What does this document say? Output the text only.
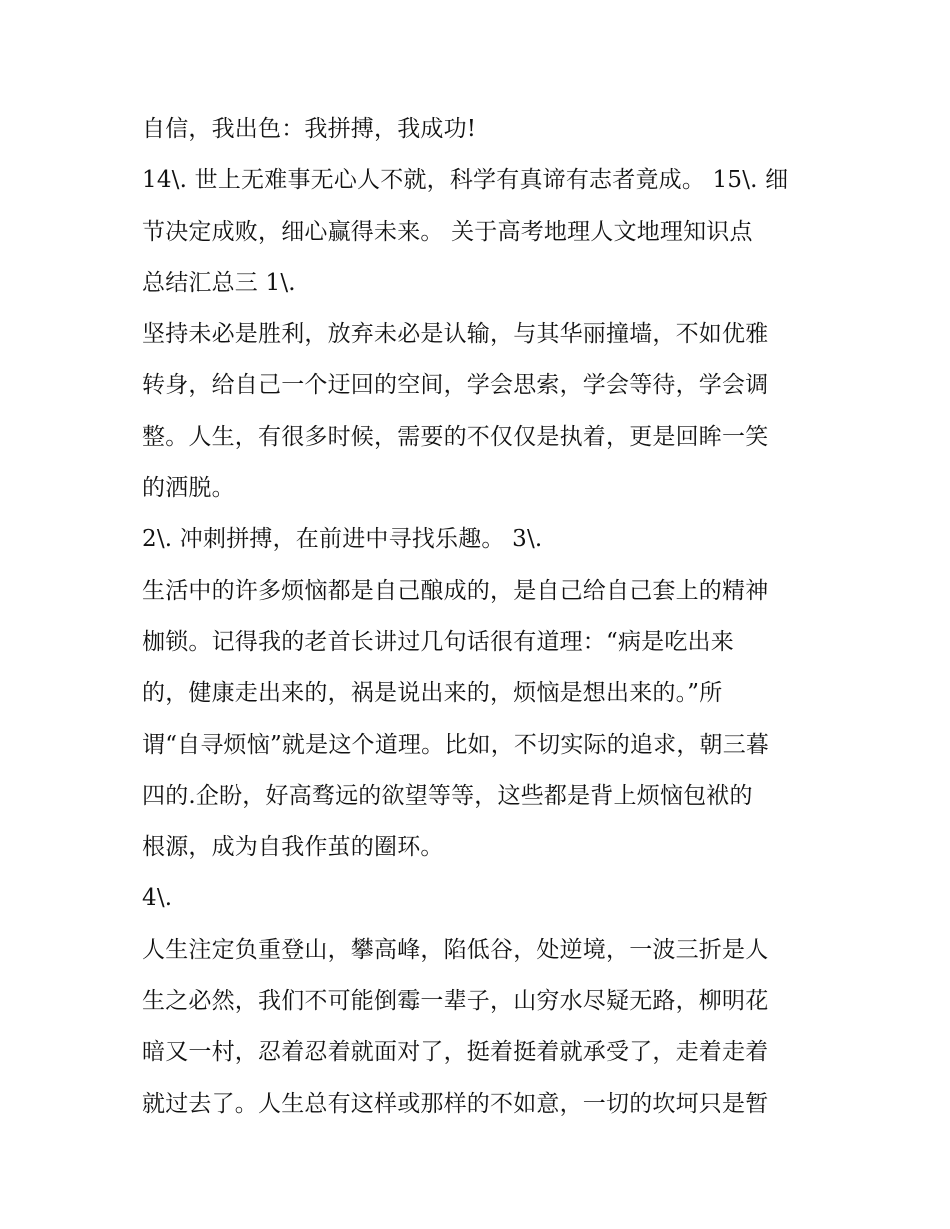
自信，我出色：我拼搏，我成功!
14\. 世上无难事无心人不就，科学有真谛有志者竟成。 15\. 细
节决定成败，细心赢得未来。 关于高考地理人文地理知识点
总结汇总三 1\.
坚持未必是胜利，放弃未必是认输，与其华丽撞墙，不如优雅
转身，给自己一个迂回的空间，学会思索，学会等待，学会调
整。人生，有很多时候，需要的不仅仅是执着，更是回眸一笑
的洒脱。
2\. 冲刺拼搏，在前进中寻找乐趣。 3\.
生活中的许多烦恼都是自己酿成的，是自己给自己套上的精神
枷锁。记得我的老首长讲过几句话很有道理：“病是吃出来
的，健康走出来的，祸是说出来的，烦恼是想出来的。”所
谓“自寻烦恼”就是这个道理。比如，不切实际的追求，朝三暮
四的.企盼，好高骛远的欲望等等，这些都是背上烦恼包袱的
根源，成为自我作茧的圈环。
4\.
人生注定负重登山，攀高峰，陷低谷，处逆境，一波三折是人
生之必然，我们不可能倒霉一辈子，山穷水尽疑无路，柳明花
暗又一村，忍着忍着就面对了，挺着挺着就承受了，走着走着
就过去了。人生总有这样或那样的不如意，一切的坎坷只是暂
